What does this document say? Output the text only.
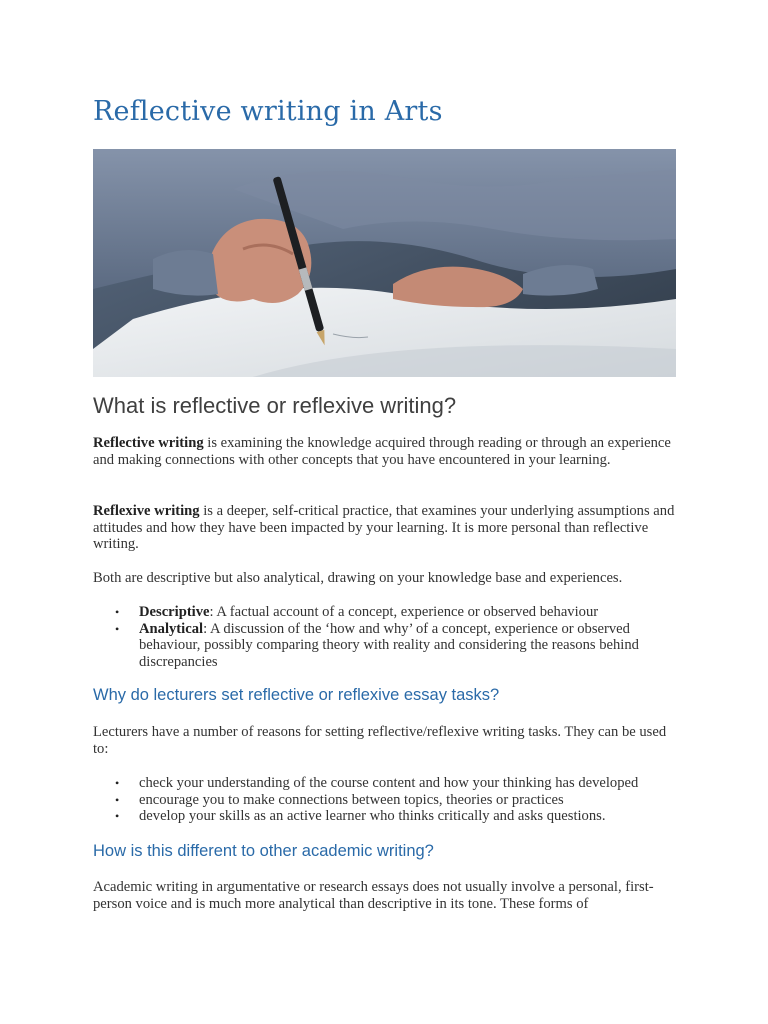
Reflective writing in Arts
What is reflective or reflexive writing?

Reflective writing is examining the knowledge acquired through reading or through an experience and making connections with other concepts that you have encountered in your learning.

Reflexive writing is a deeper, self-critical practice, that examines your underlying assumptions and attitudes and how they have been impacted by your learning. It is more personal than reflective writing.

Both are descriptive but also analytical, drawing on your knowledge base and experiences.

• Descriptive: A factual account of a concept, experience or observed behaviour
• Analytical: A discussion of the ‘how and why’ of a concept, experience or observed behaviour, possibly comparing theory with reality and considering the reasons behind discrepancies
Why do lecturers set reflective or reflexive essay tasks?

Lecturers have a number of reasons for setting reflective/reflexive writing tasks. They can be used to:

• check your understanding of the course content and how your thinking has developed
• encourage you to make connections between topics, theories or practices
• develop your skills as an active learner who thinks critically and asks questions.
How is this different to other academic writing?

Academic writing in argumentative or research essays does not usually involve a personal, first-person voice and is much more analytical than descriptive in its tone. These forms of
